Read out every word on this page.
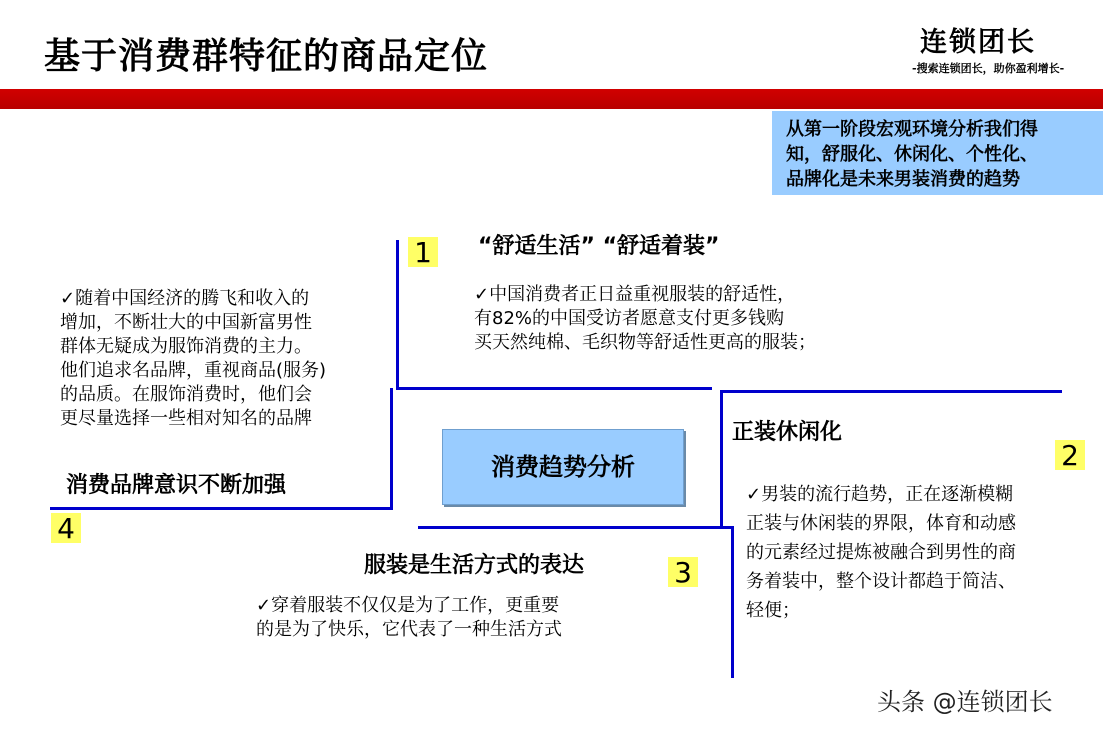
基于消费群特征的商品定位	连锁团长
-搜索连锁团长，助你盈利增长-
从第一阶段宏观环境分析我们得
知，舒服化、休闲化、个性化、
品牌化是未来男装消费的趋势
消费趋势分析
1 “舒适生活” “舒适着装”
✓中国消费者正日益重视服装的舒适性，
有82%的中国受访者愿意支付更多钱购
买天然纯棉、毛织物等舒适性更高的服装；
2
正装休闲化
✓男装的流行趋势，正在逐渐模糊
正装与休闲装的界限，体育和动感
的元素经过提炼被融合到男性的商
务着装中，整个设计都趋于简洁、
轻便；
3
服装是生活方式的表达
✓穿着服装不仅仅是为了工作，更重要
的是为了快乐，它代表了一种生活方式
4
消费品牌意识不断加强
✓随着中国经济的腾飞和收入的
增加，不断壮大的中国新富男性
群体无疑成为服饰消费的主力。
他们追求名品牌，重视商品(服务)
的品质。在服饰消费时，他们会
更尽量选择一些相对知名的品牌
头条 @连锁团长
